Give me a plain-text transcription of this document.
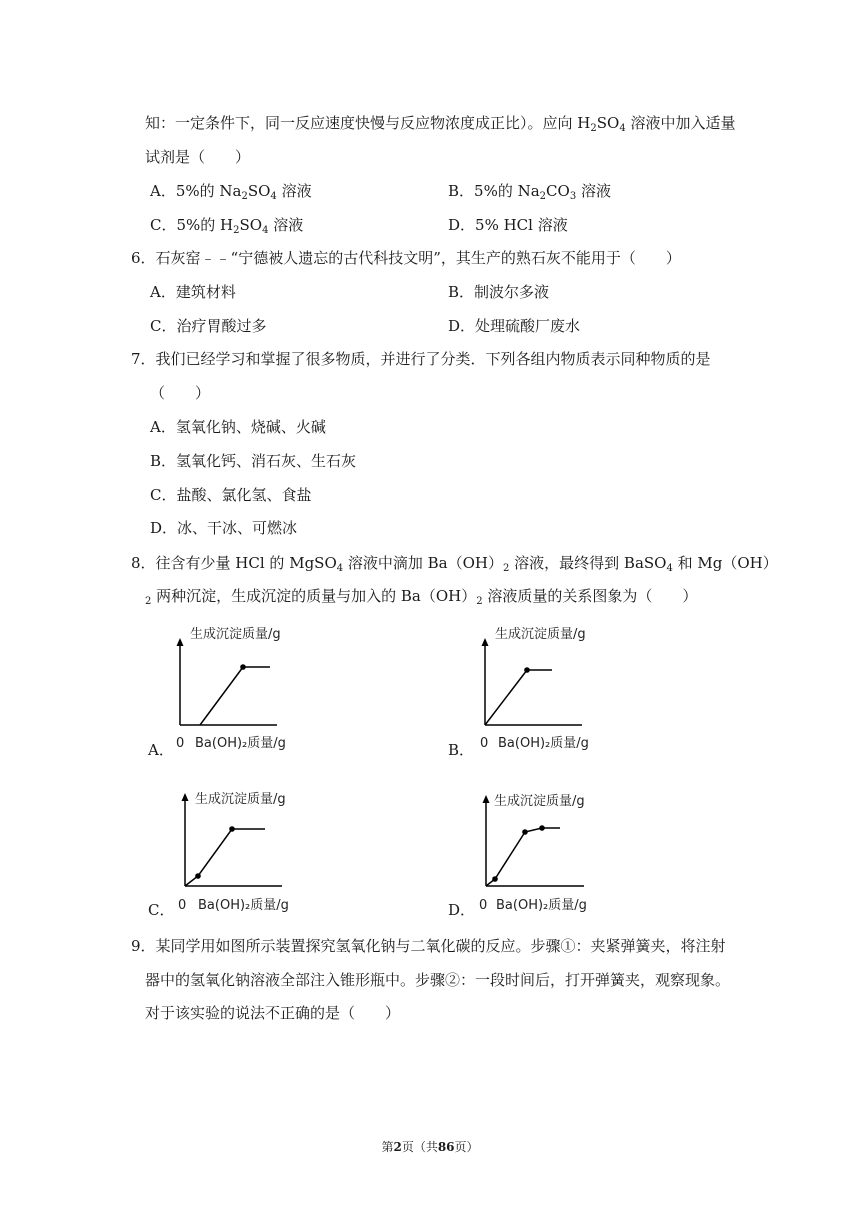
知：一定条件下，同一反应速度快慢与反应物浓度成正比）。应向 $H_2SO_4$ 溶液中加入适量
试剂是（　　）
A．5%的 $Na_2SO_4$ 溶液	B．5%的 $Na_2CO_3$ 溶液
C．5%的 $H_2SO_4$ 溶液	D．5% HCl 溶液
6．石灰窑﹣﹣“宁德被人遗忘的古代科技文明”，其生产的熟石灰不能用于（　　）
A．建筑材料	B．制波尔多液
C．治疗胃酸过多	D．处理硫酸厂废水
7．我们已经学习和掌握了很多物质，并进行了分类．下列各组内物质表示同种物质的是
（　　）
A．氢氧化钠、烧碱、火碱
B．氢氧化钙、消石灰、生石灰
C．盐酸、氯化氢、食盐
D．冰、干冰、可燃冰
8．往含有少量 HCl 的 MgSO$_4$ 溶液中滴加 $Ba(OH)_2$ 溶液，最终得到 BaSO$_4$ 和 Mg（OH）
$_2$ 两种沉淀，生成沉淀的质量与加入的 $Ba(OH)_2$ 溶液质量的关系图象为（　　）
A．
生成沉淀质量/g
0 Ba(OH)₂质量/g	B．
生成沉淀质量/g
0 Ba(OH)₂质量/g
C．
生成沉淀质量/g
0 Ba(OH)₂质量/g	D．
生成沉淀质量/g
0 Ba(OH)₂质量/g
9．某同学用如图所示装置探究氢氧化钠与二氧化碳的反应。步骤①：夹紧弹簧夹，将注射
器中的氢氧化钠溶液全部注入锥形瓶中。步骤②：一段时间后，打开弹簧夹，观察现象。
对于该实验的说法不正确的是（　　）
第2页（共86页）
